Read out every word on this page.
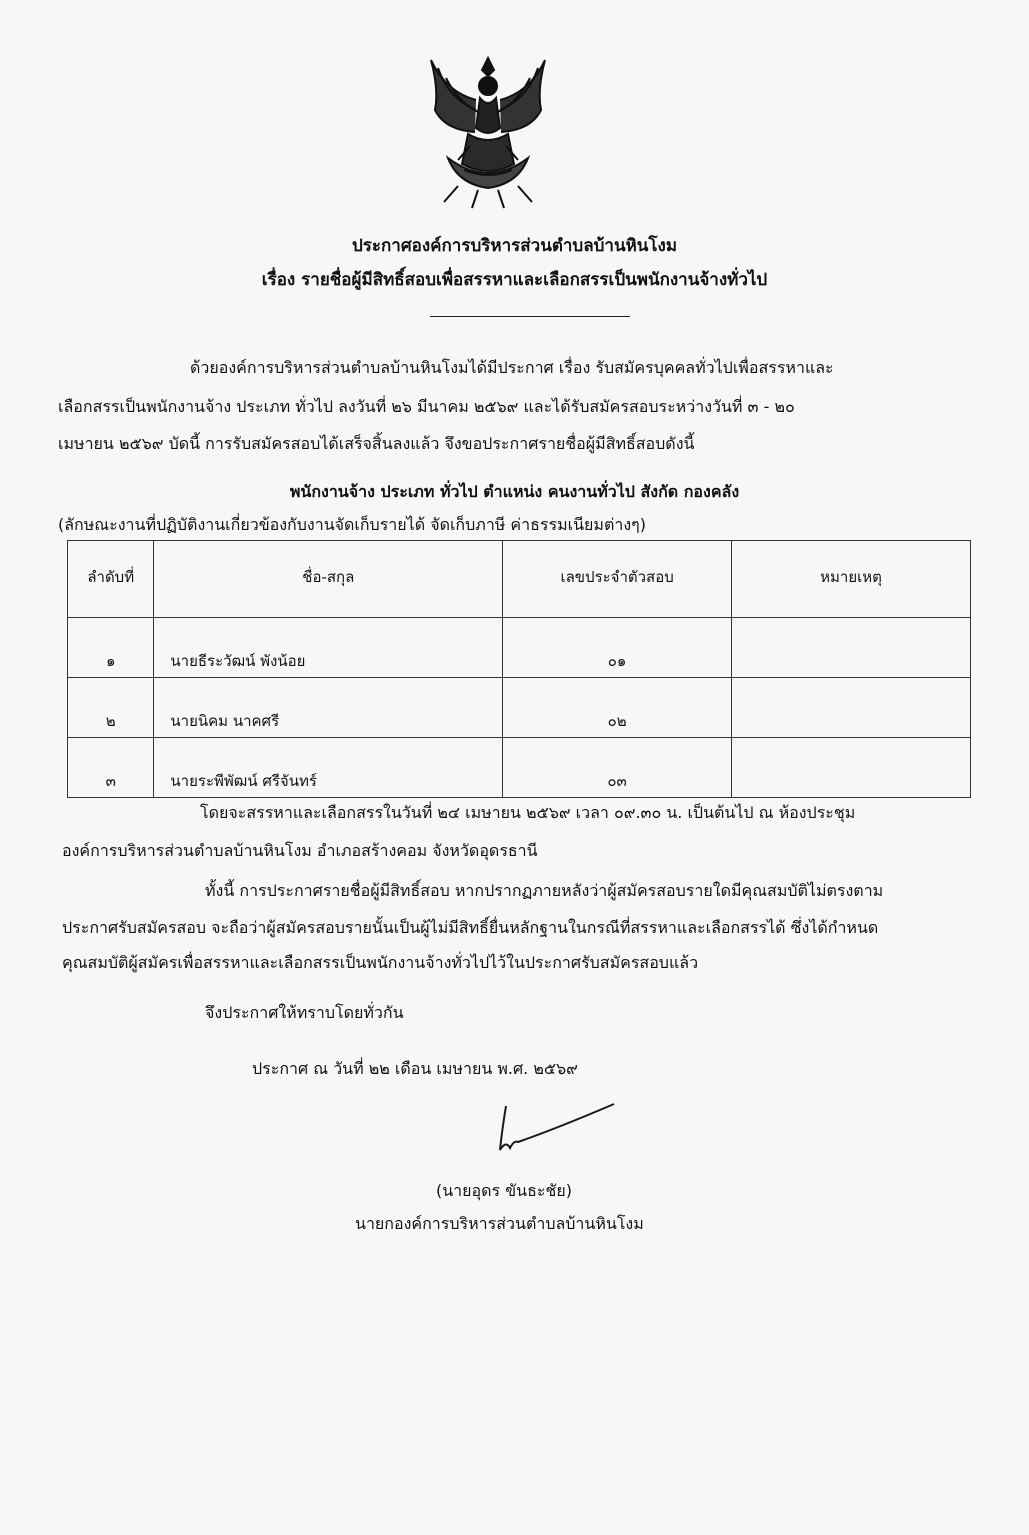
ประกาศองค์การบริหารส่วนตำบลบ้านหินโงม
เรื่อง รายชื่อผู้มีสิทธิ์สอบเพื่อสรรหาและเลือกสรรเป็นพนักงานจ้างทั่วไป
ด้วยองค์การบริหารส่วนตำบลบ้านหินโงมได้มีประกาศ เรื่อง รับสมัครบุคคลทั่วไปเพื่อสรรหาและ
เลือกสรรเป็นพนักงานจ้าง ประเภท ทั่วไป ลงวันที่ ๒๖ มีนาคม ๒๕๖๙ และได้รับสมัครสอบระหว่างวันที่ ๓ - ๒๐
เมษายน ๒๕๖๙ บัดนี้ การรับสมัครสอบได้เสร็จสิ้นลงแล้ว จึงขอประกาศรายชื่อผู้มีสิทธิ์สอบดังนี้
พนักงานจ้าง ประเภท ทั่วไป ตำแหน่ง คนงานทั่วไป สังกัด กองคลัง
(ลักษณะงานที่ปฏิบัติงานเกี่ยวข้องกับงานจัดเก็บรายได้ จัดเก็บภาษี ค่าธรรมเนียมต่างๆ)
ลำดับที่	ชื่อ-สกุล	เลขประจำตัวสอบ	หมายเหตุ
๑	นายธีระวัฒน์ พังน้อย	๐๑	
๒	นายนิคม นาคศรี	๐๒	
๓	นายระพีพัฒน์ ศรีจันทร์	๐๓	
โดยจะสรรหาและเลือกสรรในวันที่ ๒๔ เมษายน ๒๕๖๙ เวลา ๐๙.๓๐ น. เป็นต้นไป ณ ห้องประชุม
องค์การบริหารส่วนตำบลบ้านหินโงม อำเภอสร้างคอม จังหวัดอุดรธานี
ทั้งนี้ การประกาศรายชื่อผู้มีสิทธิ์สอบ หากปรากฏภายหลังว่าผู้สมัครสอบรายใดมีคุณสมบัติไม่ตรงตาม
ประกาศรับสมัครสอบ จะถือว่าผู้สมัครสอบรายนั้นเป็นผู้ไม่มีสิทธิ์ยื่นหลักฐานในกรณีที่สรรหาและเลือกสรรได้ ซึ่งได้กำหนด
คุณสมบัติผู้สมัครเพื่อสรรหาและเลือกสรรเป็นพนักงานจ้างทั่วไปไว้ในประกาศรับสมัครสอบแล้ว
จึงประกาศให้ทราบโดยทั่วกัน
ประกาศ ณ วันที่ ๒๒ เดือน เมษายน พ.ศ. ๒๕๖๙
(นายอุดร ขันธะชัย)
นายกองค์การบริหารส่วนตำบลบ้านหินโงม
